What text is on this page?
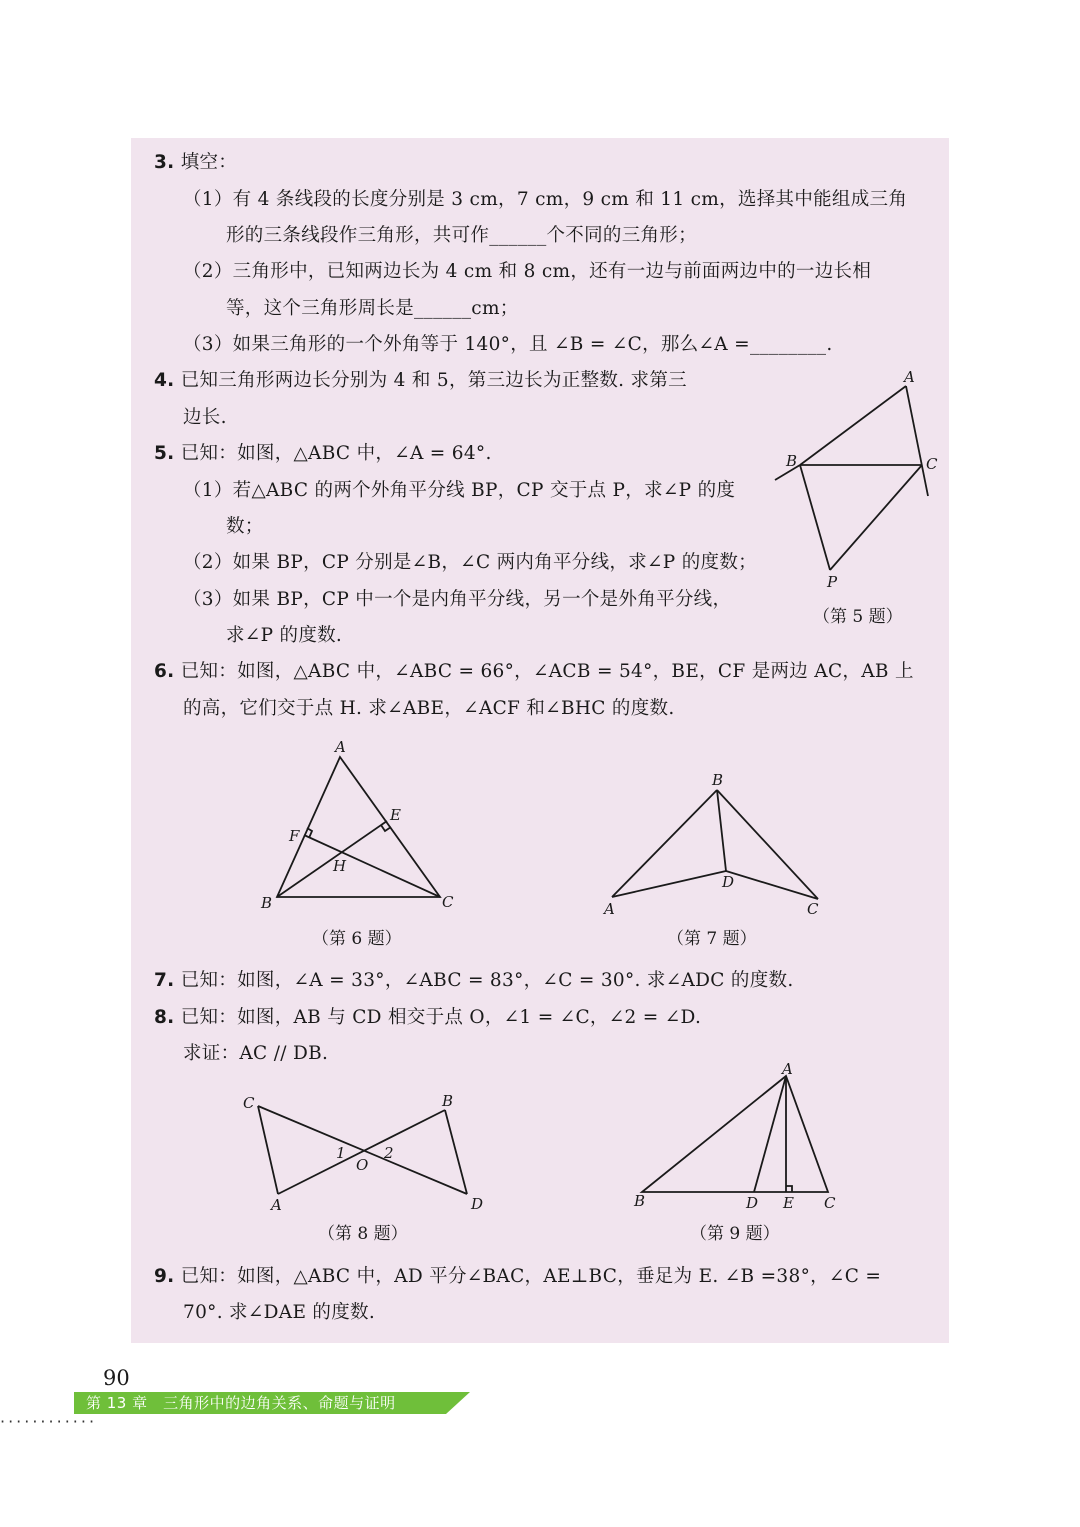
3. 填空：
（1）有 4 条线段的长度分别是 3 cm，7 cm，9 cm 和 11 cm，选择其中能组成三角
形的三条线段作三角形，共可作______个不同的三角形；
（2）三角形中，已知两边长为 4 cm 和 8 cm，还有一边与前面两边中的一边长相
等，这个三角形周长是______cm；
（3）如果三角形的一个外角等于 140°，且 ∠B = ∠C，那么∠A =________.
4. 已知三角形两边长分别为 4 和 5，第三边长为正整数. 求第三
边长.
5. 已知：如图，△ABC 中，∠A = 64°.
（1）若△ABC 的两个外角平分线 BP，CP 交于点 P，求∠P 的度
数；
（2）如果 BP，CP 分别是∠B，∠C 两内角平分线，求∠P 的度数；
（3）如果 BP，CP 中一个是内角平分线，另一个是外角平分线，
求∠P 的度数.
A
B	C
P
（第 5 题）
6. 已知：如图，△ABC 中，∠ABC = 66°，∠ACB = 54°，BE，CF 是两边 AC，AB 上
的高，它们交于点 H. 求∠ABE，∠ACF 和∠BHC 的度数.
A
B	C
E
F
H
（第 6 题）
B
A
D
C
（第 7 题）
7. 已知：如图，∠A = 33°，∠ABC = 83°，∠C = 30°. 求∠ADC 的度数.
8. 已知：如图，AB 与 CD 相交于点 O，∠1 = ∠C，∠2 = ∠D.
求证：AC // DB.
C	B
A	D
O
1	2
（第 8 题）
A
B	D E C
（第 9 题）
9. 已知：如图，△ABC 中，AD 平分∠BAC，AE⊥BC，垂足为 E. ∠B =38°，∠C =
70°. 求∠DAE 的度数.
90
第 13 章　三角形中的边角关系、命题与证明
············
